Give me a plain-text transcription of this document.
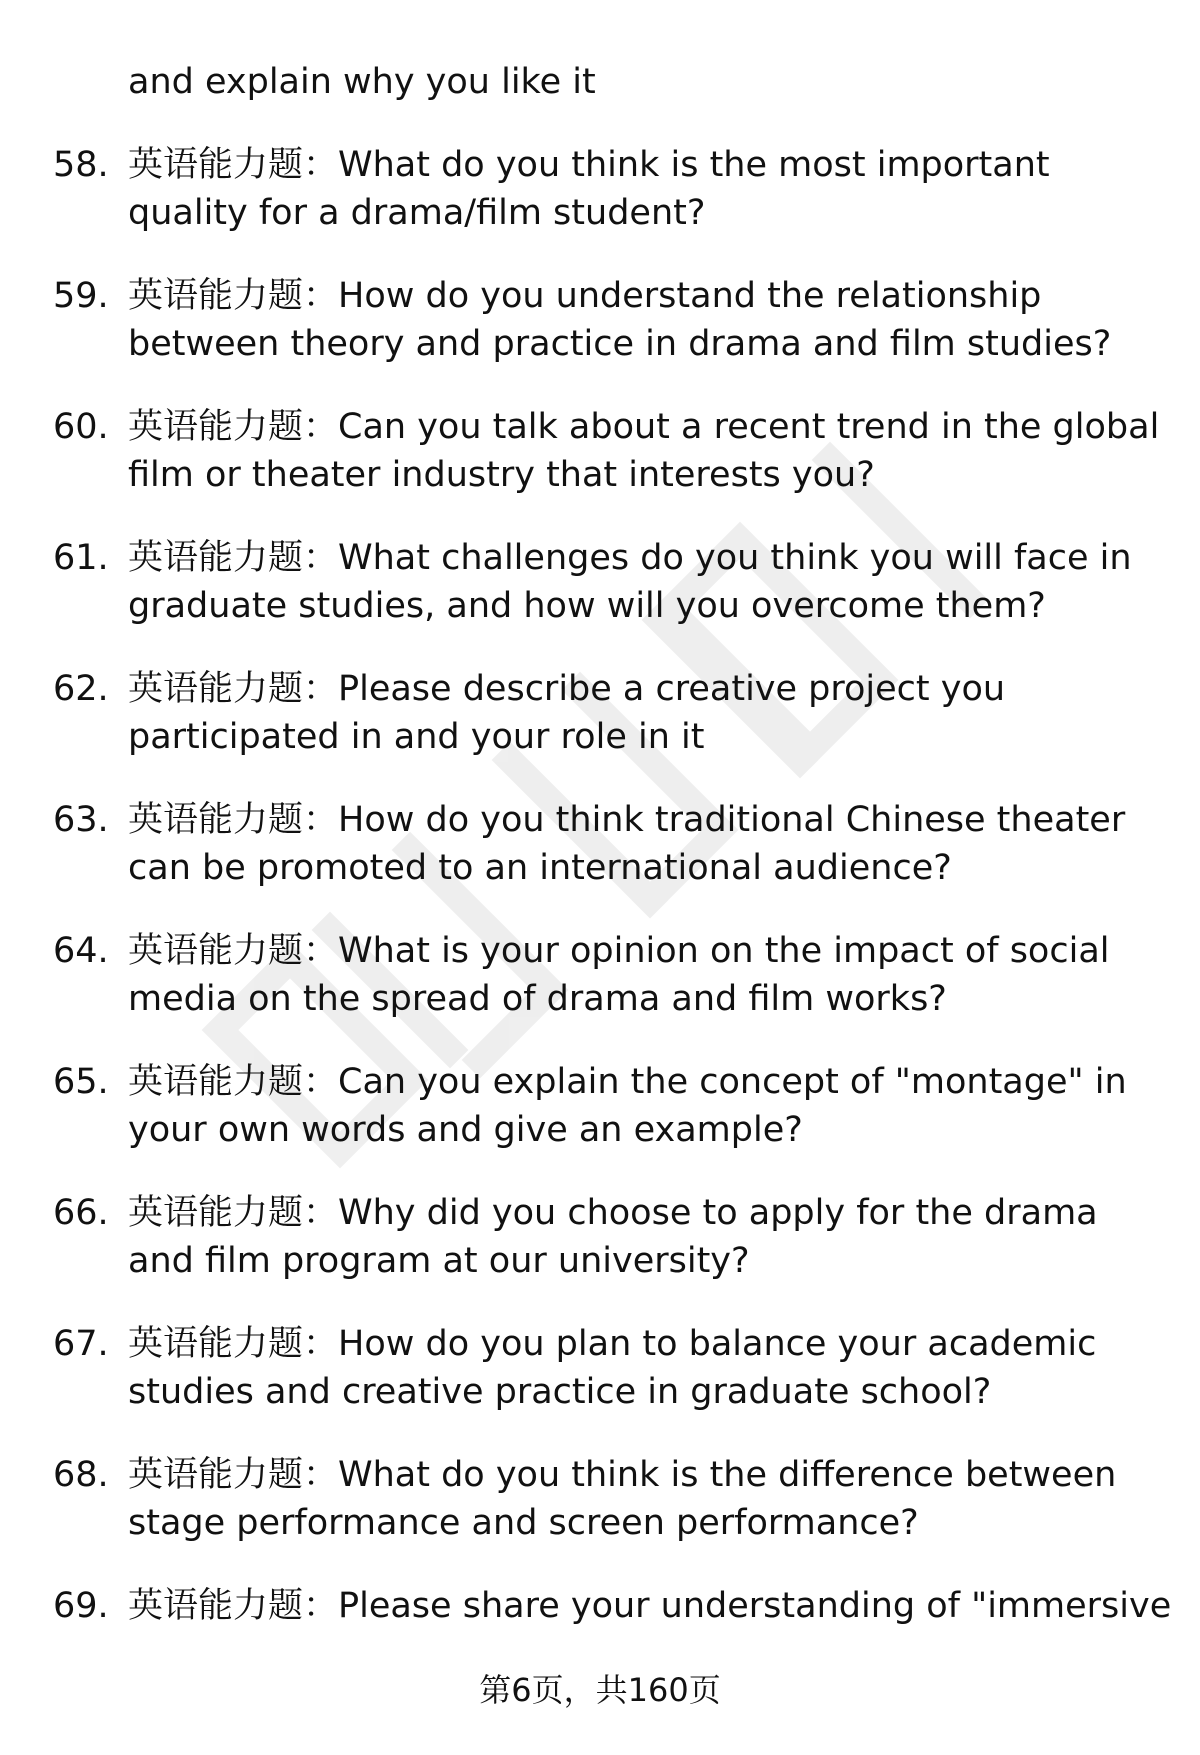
and explain why you like it
58. 英语能力题：What do you think is the most important
quality for a drama/film student?
59. 英语能力题：How do you understand the relationship
between theory and practice in drama and film studies?
60. 英语能力题：Can you talk about a recent trend in the global
film or theater industry that interests you?
61. 英语能力题：What challenges do you think you will face in
graduate studies, and how will you overcome them?
62. 英语能力题：Please describe a creative project you
participated in and your role in it
63. 英语能力题：How do you think traditional Chinese theater
can be promoted to an international audience?
64. 英语能力题：What is your opinion on the impact of social
media on the spread of drama and film works?
65. 英语能力题：Can you explain the concept of "montage" in
your own words and give an example?
66. 英语能力题：Why did you choose to apply for the drama
and film program at our university?
67. 英语能力题：How do you plan to balance your academic
studies and creative practice in graduate school?
68. 英语能力题：What do you think is the difference between
stage performance and screen performance?
69. 英语能力题：Please share your understanding of "immersive
第6页，共160页
